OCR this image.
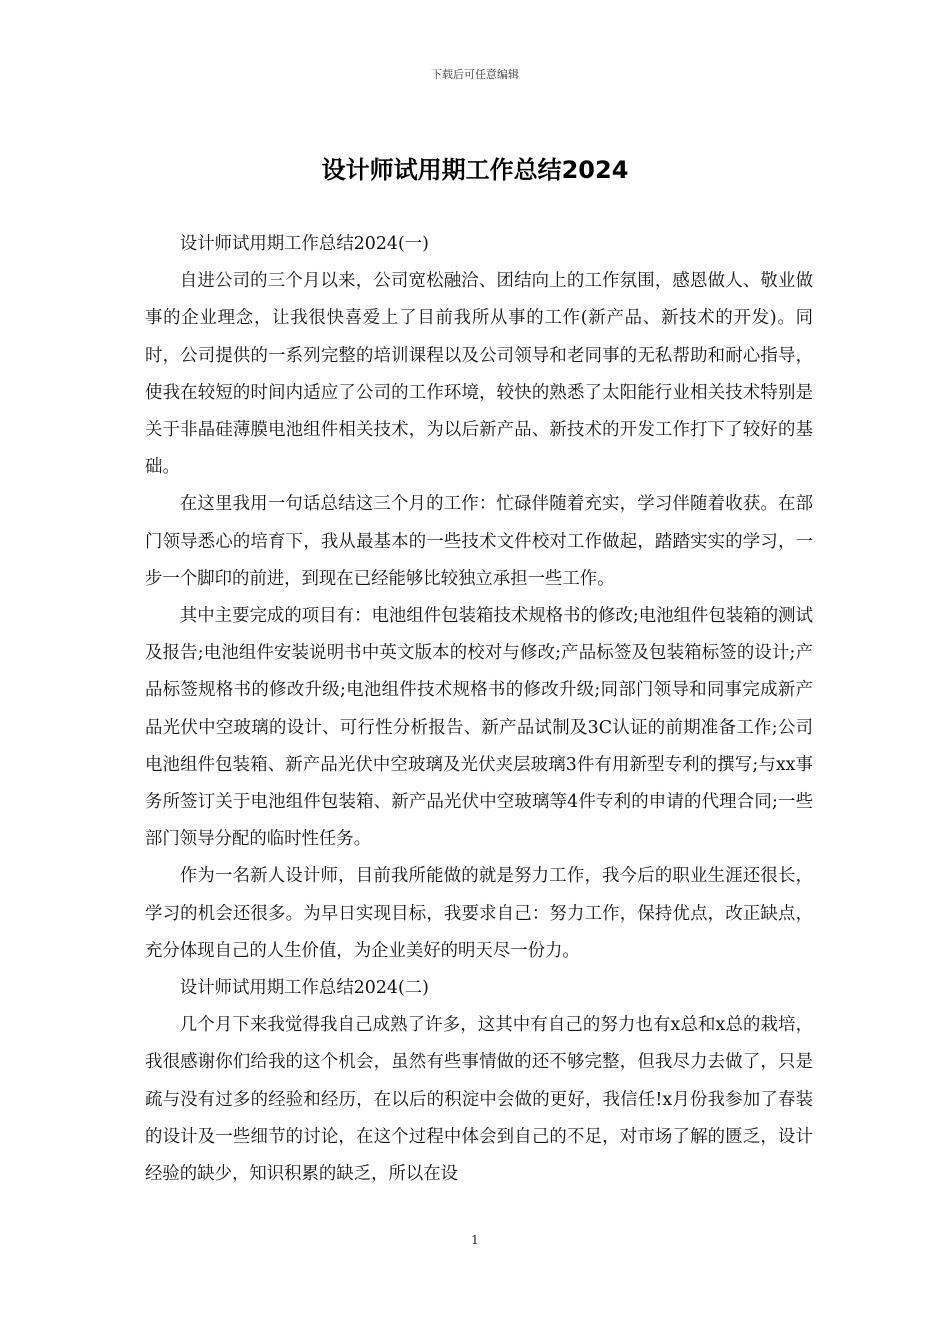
下载后可任意编辑
设计师试用期工作总结2024

设计师试用期工作总结2024(一)

自进公司的三个月以来，公司宽松融洽、团结向上的工作氛围，感恩做人、敬业做事的企业理念，让我很快喜爱上了目前我所从事的工作(新产品、新技术的开发)。同时，公司提供的一系列完整的培训课程以及公司领导和老同事的无私帮助和耐心指导，使我在较短的时间内适应了公司的工作环境，较快的熟悉了太阳能行业相关技术特别是关于非晶硅薄膜电池组件相关技术，为以后新产品、新技术的开发工作打下了较好的基础。

在这里我用一句话总结这三个月的工作：忙碌伴随着充实，学习伴随着收获。在部门领导悉心的培育下，我从最基本的一些技术文件校对工作做起，踏踏实实的学习，一步一个脚印的前进，到现在已经能够比较独立承担一些工作。

其中主要完成的项目有：电池组件包装箱技术规格书的修改;电池组件包装箱的测试及报告;电池组件安装说明书中英文版本的校对与修改;产品标签及包装箱标签的设计;产品标签规格书的修改升级;电池组件技术规格书的修改升级;同部门领导和同事完成新产品光伏中空玻璃的设计、可行性分析报告、新产品试制及3C认证的前期准备工作;公司电池组件包装箱、新产品光伏中空玻璃及光伏夹层玻璃3件有用新型专利的撰写;与xx事务所签订关于电池组件包装箱、新产品光伏中空玻璃等4件专利的申请的代理合同;一些部门领导分配的临时性任务。

作为一名新人设计师，目前我所能做的就是努力工作，我今后的职业生涯还很长，学习的机会还很多。为早日实现目标，我要求自己：努力工作，保持优点，改正缺点，充分体现自己的人生价值，为企业美好的明天尽一份力。

设计师试用期工作总结2024(二)

几个月下来我觉得我自己成熟了许多，这其中有自己的努力也有x总和x总的栽培，我很感谢你们给我的这个机会，虽然有些事情做的还不够完整，但我尽力去做了，只是疏与没有过多的经验和经历，在以后的积淀中会做的更好，我信任!x月份我参加了春装的设计及一些细节的讨论，在这个过程中体会到自己的不足，对市场了解的匮乏，设计经验的缺少，知识积累的缺乏，所以在设

1
